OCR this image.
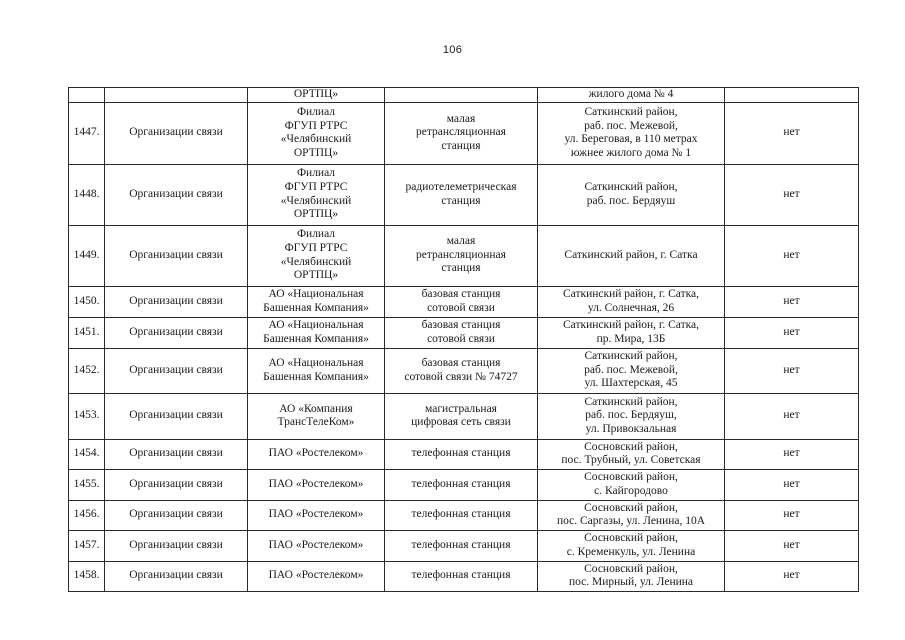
106

		ОРТПЦ»		жилого дома № 4	

1447.	Организации связи	Филиал
ФГУП РТРС
«Челябинский
ОРТПЦ»	малая
ретрансляционная
станция	Саткинский район,
раб. пос. Межевой,
ул. Береговая, в 110 метрах
южнее жилого дома № 1	нет
1448.	Организации связи	Филиал
ФГУП РТРС
«Челябинский
ОРТПЦ»	радиотелеметрическая
станция	Саткинский район,
раб. пос. Бердяуш	нет
1449.	Организации связи	Филиал
ФГУП РТРС
«Челябинский
ОРТПЦ»	малая
ретрансляционная
станция	Саткинский район, г. Сатка	нет
1450.	Организации связи	АО «Национальная
Башенная Компания»	базовая станция
сотовой связи	Саткинский район, г. Сатка,
ул. Солнечная, 26	нет
1451.	Организации связи	АО «Национальная
Башенная Компания»	базовая станция
сотовой связи	Саткинский район, г. Сатка,
пр. Мира, 13Б	нет
1452.	Организации связи	АО «Национальная
Башенная Компания»	базовая станция
сотовой связи № 74727	Саткинский район,
раб. пос. Межевой,
ул. Шахтерская, 45	нет
1453.	Организации связи	АО «Компания
ТрансТелеКом»	магистральная
цифровая сеть связи	Саткинский район,
раб. пос. Бердяуш,
ул. Привокзальная	нет
1454.	Организации связи	ПАО «Ростелеком»	телефонная станция	Сосновский район,
пос. Трубный, ул. Советская	нет
1455.	Организации связи	ПАО «Ростелеком»	телефонная станция	Сосновский район,
с. Кайгородово	нет
1456.	Организации связи	ПАО «Ростелеком»	телефонная станция	Сосновский район,
пос. Саргазы, ул. Ленина, 10А	нет
1457.	Организации связи	ПАО «Ростелеком»	телефонная станция	Сосновский район,
с. Кременкуль, ул. Ленина	нет
1458.	Организации связи	ПАО «Ростелеком»	телефонная станция	Сосновский район,
пос. Мирный, ул. Ленина	нет
